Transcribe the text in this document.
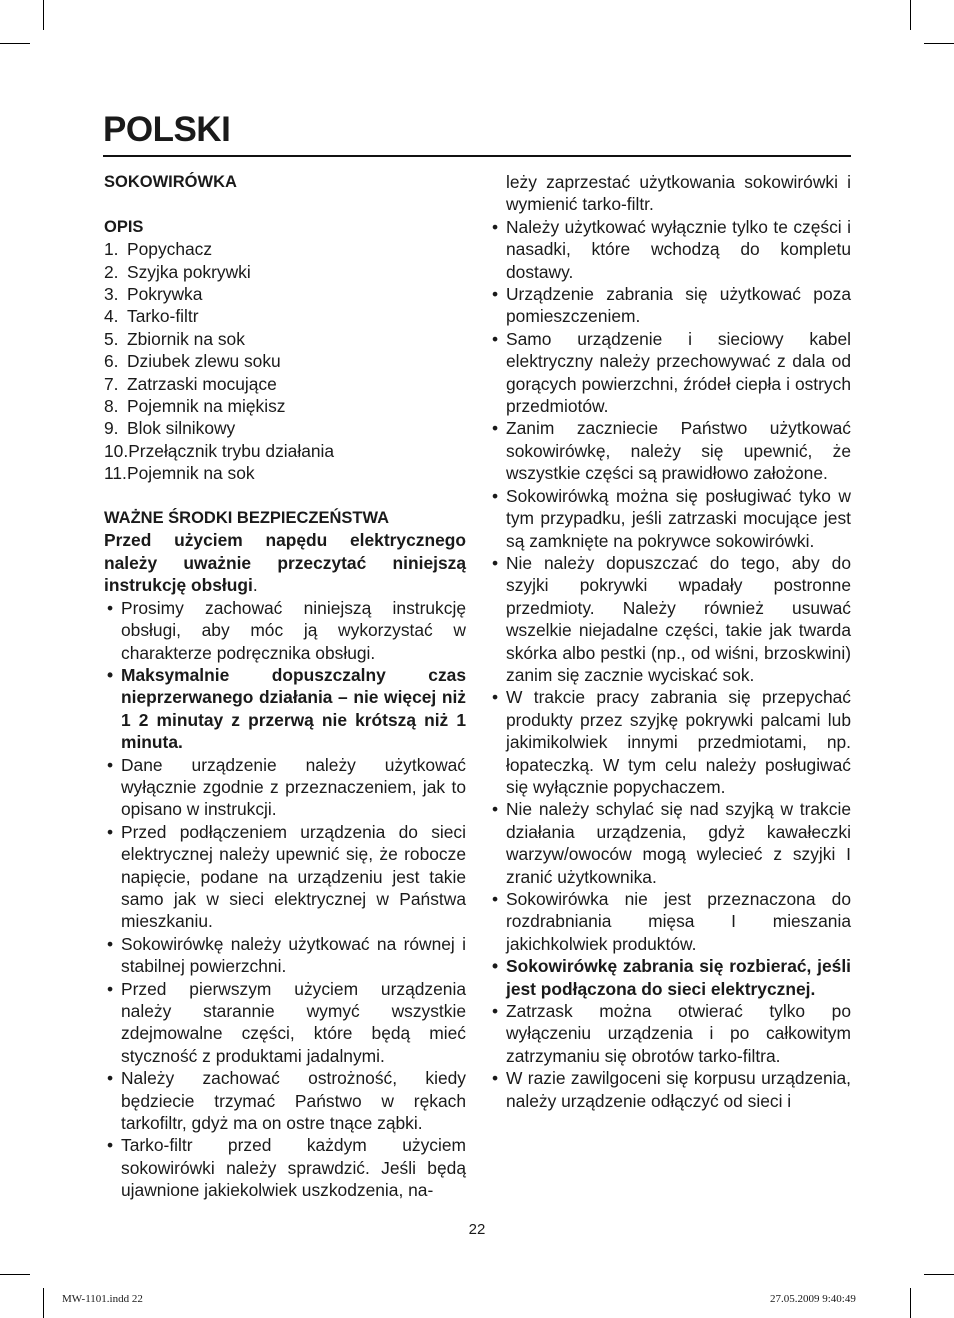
POLSKI

SOKOWIRÓWKA

OPIS

1. Popychacz
2. Szyjka pokrywki
3. Pokrywka
4. Tarko-filtr
5. Zbiornik na sok
6. Dziubek zlewu soku
7. Zatrzaski mocujące
8. Pojemnik na miękisz
9. Blok silnikowy
10. Przełącznik trybu działania
11. Pojemnik na sok

WAŻNE ŚRODKI BEZPIECZEŃSTWA

Przed użyciem napędu elektrycznego należy uważnie przeczytać niniejszą instrukcję obsługi.

• Prosimy zachować niniejszą instrukcję obsługi, aby móc ją wykorzystać w charakterze podręcznika obsługi.
• Maksymalnie dopuszczalny czas nieprzerwanego działania – nie więcej niż 1 2 minutay z przerwą nie krótszą niż 1 minuta.
• Dane urządzenie należy użytkować wyłącznie zgodnie z przeznaczeniem, jak to opisano w instrukcji.
• Przed podłączeniem urządzenia do sieci elektrycznej należy upewnić się, że robocze napięcie, podane na urządzeniu jest takie samo jak w sieci elektrycznej w Państwa mieszkaniu.
• Sokowirówkę należy użytkować na równej i stabilnej powierzchni.
• Przed pierwszym użyciem urządzenia należy starannie wymyć wszystkie zdejmowalne części, które będą mieć styczność z produktami jadalnymi.
• Należy zachować ostrożność, kiedy będziecie trzymać Państwo w rękach tarkofiltr, gdyż ma on ostre tnące ząbki.
• Tarko-filtr przed każdym użyciem sokowirówki należy sprawdzić. Jeśli będą ujawnione jakiekolwiek uszkodzenia, na-

leży zaprzestać użytkowania sokowirówki i wymienić tarko-filtr.

• Należy użytkować wyłącznie tylko te części i nasadki, które wchodzą do kompletu dostawy.
• Urządzenie zabrania się użytkować poza pomieszczeniem.
• Samo urządzenie i sieciowy kabel elektryczny należy przechowywać z dala od gorących powierzchni, źródeł ciepła i ostrych przedmiotów.
• Zanim zaczniecie Państwo użytkować sokowirówkę, należy się upewnić, że wszystkie części są prawidłowo założone.
• Sokowirówką można się posługiwać tyko w tym przypadku, jeśli zatrzaski mocujące jest są zamknięte na pokrywce sokowirówki.
• Nie należy dopuszczać do tego, aby do szyjki pokrywki wpadały postronne przedmioty. Należy również usuwać wszelkie niejadalne części, takie jak twarda skórka albo pestki (np., od wiśni, brzoskwini) zanim się zacznie wyciskać sok.
• W trakcie pracy zabrania się przepychać produkty przez szyjkę pokrywki palcami lub jakimikolwiek innymi przedmiotami, np. łopateczką. W tym celu należy posługiwać się wyłącznie popychaczem.
• Nie należy schylać się nad szyjką w trakcie działania urządzenia, gdyż kawałeczki warzyw/owoców mogą wylecieć z szyjki I zranić użytkownika.
• Sokowirówka nie jest przeznaczona do rozdrabniania mięsa I mieszania jakichkolwiek produktów.
• Sokowirówkę zabrania się rozbierać, jeśli jest podłączona do sieci elektrycznej.
• Zatrzask można otwierać tylko po wyłączeniu urządzenia i po całkowitym zatrzymaniu się obrotów tarko-filtra.
• W razie zawilgoceni się korpusu urządzenia, należy urządzenie odłączyć od sieci i
22
MW-1101.indd 22	27.05.2009 9:40:49
